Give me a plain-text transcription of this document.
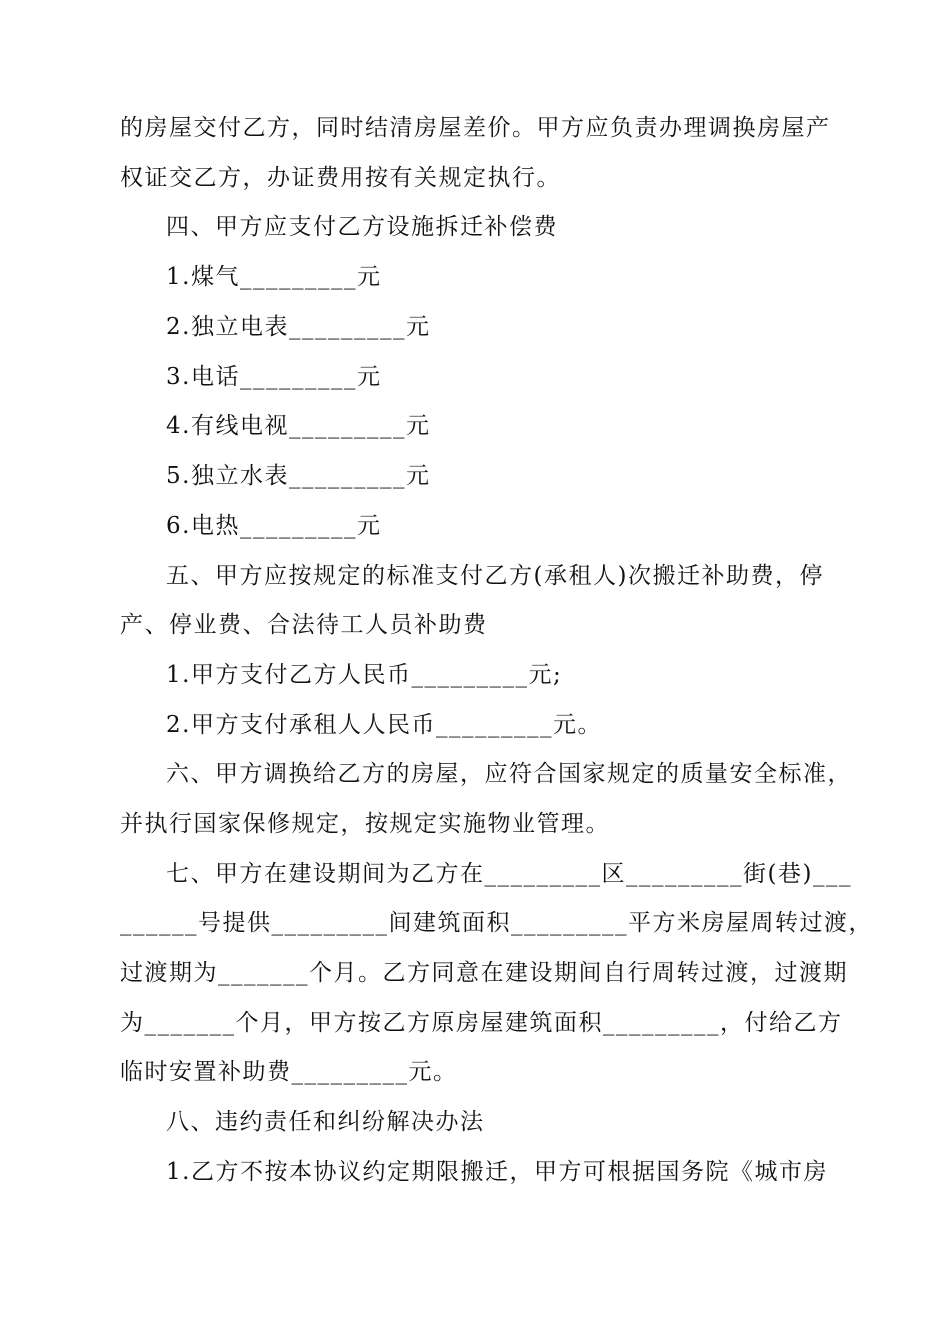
的房屋交付乙方，同时结清房屋差价。甲方应负责办理调换房屋产
权证交乙方，办证费用按有关规定执行。
四、甲方应支付乙方设施拆迁补偿费
1.煤气_________元
2.独立电表_________元
3.电话_________元
4.有线电视_________元
5.独立水表_________元
6.电热_________元
五、甲方应按规定的标准支付乙方(承租人)次搬迁补助费，停
产、停业费、合法待工人员补助费
1.甲方支付乙方人民币_________元;
2.甲方支付承租人人民币_________元。
六、甲方调换给乙方的房屋，应符合国家规定的质量安全标准，
并执行国家保修规定，按规定实施物业管理。
七、甲方在建设期间为乙方在_________区_________街(巷)___
______号提供_________间建筑面积_________平方米房屋周转过渡，
过渡期为_______个月。乙方同意在建设期间自行周转过渡，过渡期
为_______个月，甲方按乙方原房屋建筑面积_________，付给乙方
临时安置补助费_________元。
八、违约责任和纠纷解决办法
1.乙方不按本协议约定期限搬迁，甲方可根据国务院《城市房
